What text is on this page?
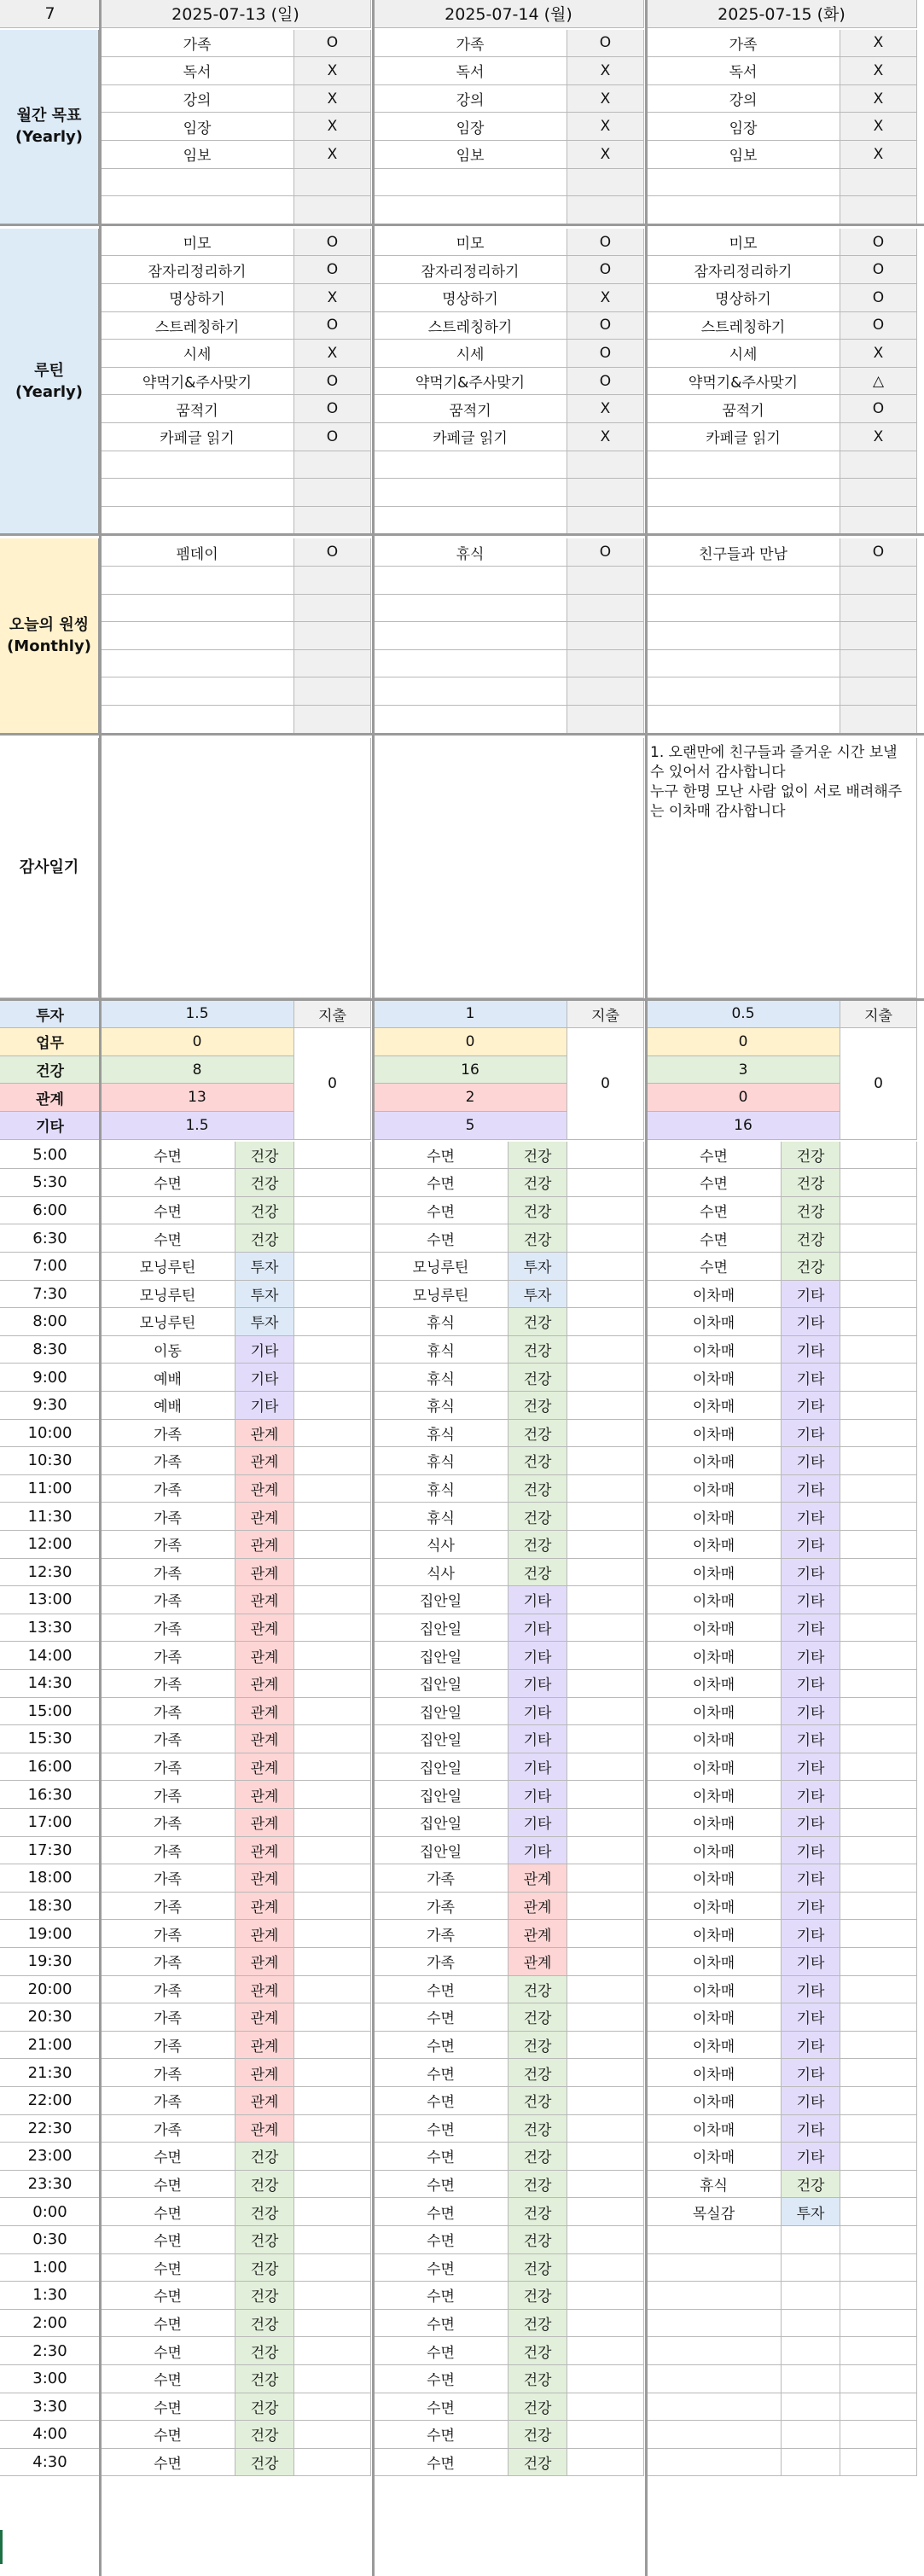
7	2025-07-13 (일)	2025-07-14 (월)	2025-07-15 (화)
가족	O	가족	O	가족	X
독서	X	독서	X	독서	X
강의	X	강의	X	강의	X
임장	X	임장	X	임장	X
임보	X	임보	X	임보	X
월간 목표
(Yearly)
미모	O	미모	O	미모	O
잠자리정리하기	O	잠자리정리하기	O	잠자리정리하기	O
명상하기	X	명상하기	X	명상하기	O
스트레칭하기	O	스트레칭하기	O	스트레칭하기	O
시세	X	시세	O	시세	X
약먹기&주사맞기	O	약먹기&주사맞기	O	약먹기&주사맞기	△
꿈적기	O	꿈적기	X	꿈적기	O
카페글 읽기	O	카페글 읽기	X	카페글 읽기	X
루틴
(Yearly)
펨데이	O	휴식	O	친구들과 만남	O
오늘의 원씽
(Monthly)
감사일기
1. 오랜만에 친구들과 즐거운 시간 보낼 수 있어서 감사합니다
누구 한명 모난 사람 없이 서로 배려해주는 이차매 감사합니다
투자	1.5	지출	1	지출	0.5	지출
업무	0	0	0
건강	8	16	3
관계	13	2	0
기타	1.5	5	16
0	0	0
5:00	수면	건강	수면	건강	수면	건강
5:30	수면	건강	수면	건강	수면	건강
6:00	수면	건강	수면	건강	수면	건강
6:30	수면	건강	수면	건강	수면	건강
7:00	모닝루틴	투자	모닝루틴	투자	수면	건강
7:30	모닝루틴	투자	모닝루틴	투자	이차매	기타
8:00	모닝루틴	투자	휴식	건강	이차매	기타
8:30	이동	기타	휴식	건강	이차매	기타
9:00	예배	기타	휴식	건강	이차매	기타
9:30	예배	기타	휴식	건강	이차매	기타
10:00	가족	관계	휴식	건강	이차매	기타
10:30	가족	관계	휴식	건강	이차매	기타
11:00	가족	관계	휴식	건강	이차매	기타
11:30	가족	관계	휴식	건강	이차매	기타
12:00	가족	관계	식사	건강	이차매	기타
12:30	가족	관계	식사	건강	이차매	기타
13:00	가족	관계	집안일	기타	이차매	기타
13:30	가족	관계	집안일	기타	이차매	기타
14:00	가족	관계	집안일	기타	이차매	기타
14:30	가족	관계	집안일	기타	이차매	기타
15:00	가족	관계	집안일	기타	이차매	기타
15:30	가족	관계	집안일	기타	이차매	기타
16:00	가족	관계	집안일	기타	이차매	기타
16:30	가족	관계	집안일	기타	이차매	기타
17:00	가족	관계	집안일	기타	이차매	기타
17:30	가족	관계	집안일	기타	이차매	기타
18:00	가족	관계	가족	관계	이차매	기타
18:30	가족	관계	가족	관계	이차매	기타
19:00	가족	관계	가족	관계	이차매	기타
19:30	가족	관계	가족	관계	이차매	기타
20:00	가족	관계	수면	건강	이차매	기타
20:30	가족	관계	수면	건강	이차매	기타
21:00	가족	관계	수면	건강	이차매	기타
21:30	가족	관계	수면	건강	이차매	기타
22:00	가족	관계	수면	건강	이차매	기타
22:30	가족	관계	수면	건강	이차매	기타
23:00	수면	건강	수면	건강	이차매	기타
23:30	수면	건강	수면	건강	휴식	건강
0:00	수면	건강	수면	건강	목실감	투자
0:30	수면	건강	수면	건강
1:00	수면	건강	수면	건강
1:30	수면	건강	수면	건강
2:00	수면	건강	수면	건강
2:30	수면	건강	수면	건강
3:00	수면	건강	수면	건강
3:30	수면	건강	수면	건강
4:00	수면	건강	수면	건강
4:30	수면	건강	수면	건강
